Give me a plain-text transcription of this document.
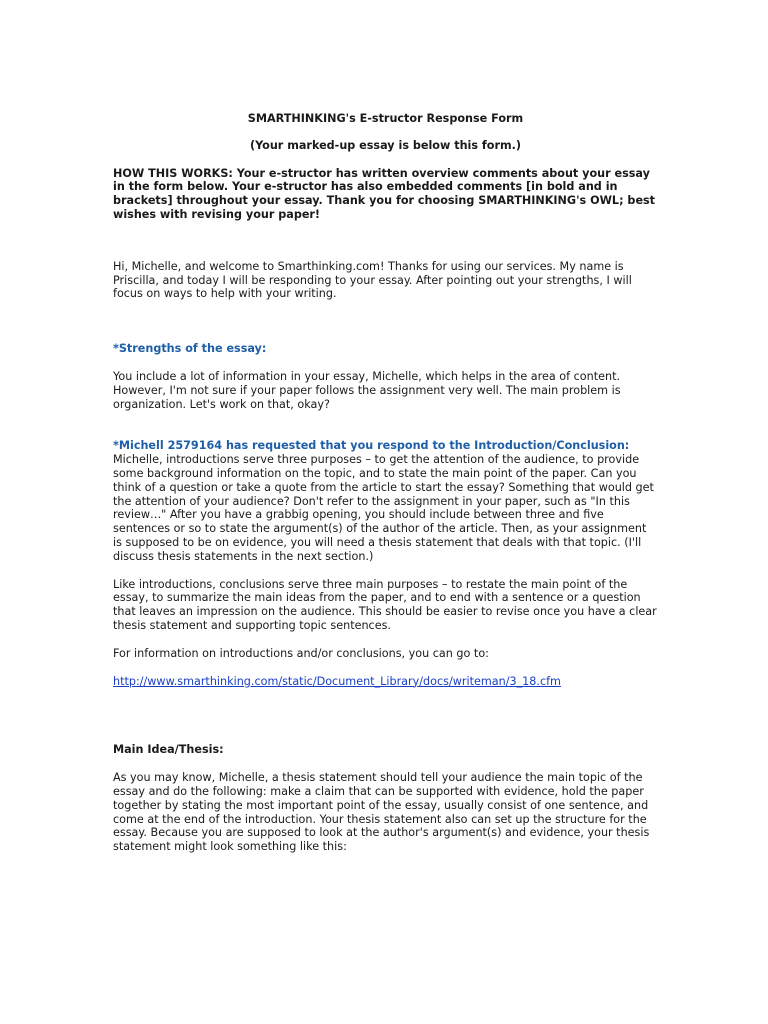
SMARTHINKING's E-structor Response Form

(Your marked-up essay is below this form.)

HOW THIS WORKS: Your e-structor has written overview comments about your essay in the form below. Your e-structor has also embedded comments [in bold and in brackets] throughout your essay. Thank you for choosing SMARTHINKING's OWL; best wishes with revising your paper!

Hi, Michelle, and welcome to Smarthinking.com! Thanks for using our services. My name is Priscilla, and today I will be responding to your essay. After pointing out your strengths, I will focus on ways to help with your writing.

*Strengths of the essay:

You include a lot of information in your essay, Michelle, which helps in the area of content. However, I'm not sure if your paper follows the assignment very well. The main problem is organization. Let's work on that, okay?

*Michell 2579164 has requested that you respond to the Introduction/Conclusion:

Michelle, introductions serve three purposes – to get the attention of the audience, to provide some background information on the topic, and to state the main point of the paper. Can you think of a question or take a quote from the article to start the essay? Something that would get the attention of your audience? Don't refer to the assignment in your paper, such as "In this review…" After you have a grabbig opening, you should include between three and five sentences or so to state the argument(s) of the author of the article. Then, as your assignment is supposed to be on evidence, you will need a thesis statement that deals with that topic. (I'll discuss thesis statements in the next section.)

Like introductions, conclusions serve three main purposes – to restate the main point of the essay, to summarize the main ideas from the paper, and to end with a sentence or a question that leaves an impression on the audience. This should be easier to revise once you have a clear thesis statement and supporting topic sentences.

For information on introductions and/or conclusions, you can go to:

http://www.smarthinking.com/static/Document_Library/docs/writeman/3_18.cfm

Main Idea/Thesis:

As you may know, Michelle, a thesis statement should tell your audience the main topic of the essay and do the following: make a claim that can be supported with evidence, hold the paper together by stating the most important point of the essay, usually consist of one sentence, and come at the end of the introduction. Your thesis statement also can set up the structure for the essay. Because you are supposed to look at the author's argument(s) and evidence, your thesis statement might look something like this:
